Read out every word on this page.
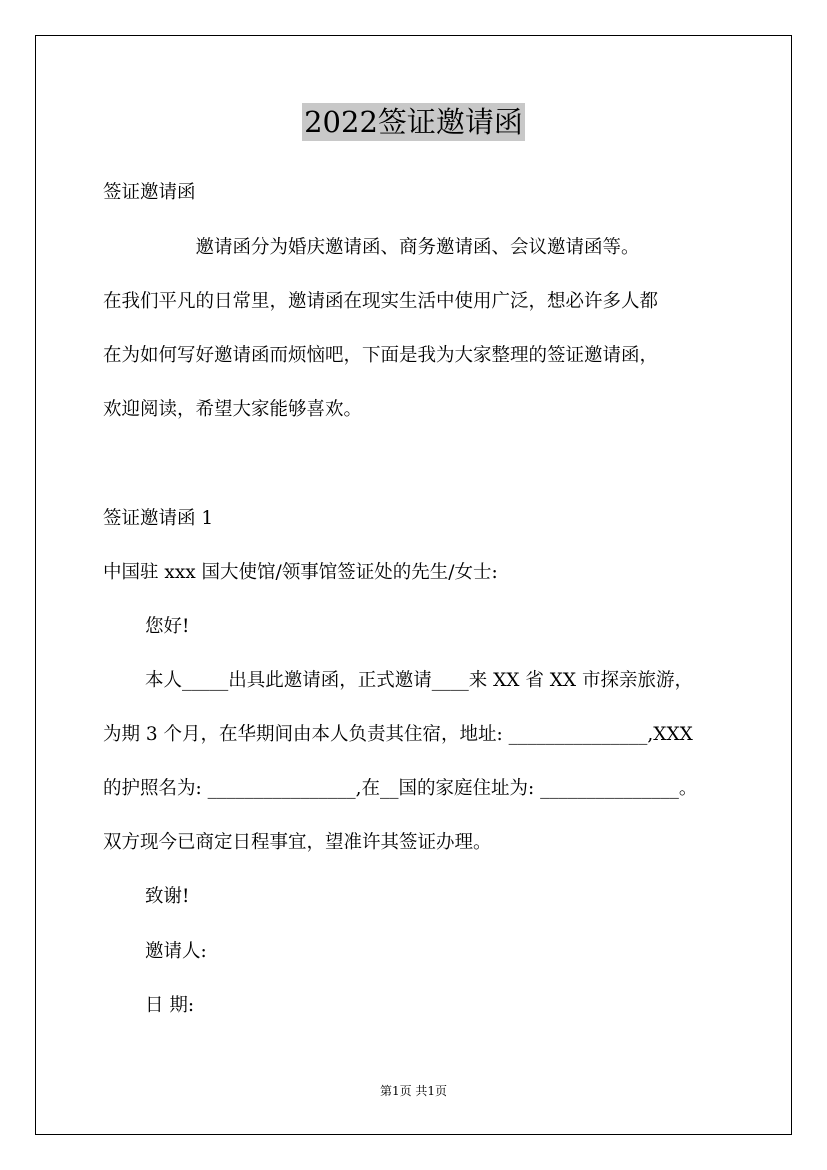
2022签证邀请函
签证邀请函
　　　　　邀请函分为婚庆邀请函、商务邀请函、会议邀请函等。
在我们平凡的日常里，邀请函在现实生活中使用广泛，想必许多人都
在为如何写好邀请函而烦恼吧，下面是我为大家整理的签证邀请函，
欢迎阅读，希望大家能够喜欢。
签证邀请函 1
中国驻 xxx 国大使馆/领事馆签证处的先生/女士:
您好!
本人_____出具此邀请函，正式邀请____来 XX 省 XX 市探亲旅游，
为期 3 个月，在华期间由本人负责其住宿，地址: _______________,XXX
的护照名为: ________________,在__国的家庭住址为: _______________。
双方现今已商定日程事宜，望准许其签证办理。
致谢!
邀请人:
日 期:
第1页 共1页
